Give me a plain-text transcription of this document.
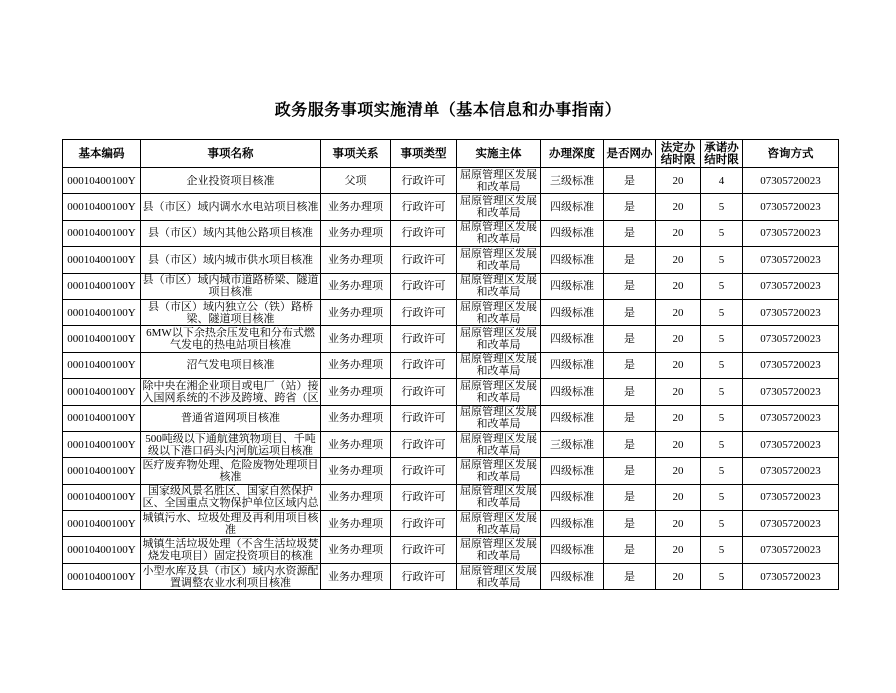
政务服务事项实施清单（基本信息和办事指南）
基本编码	事项名称	事项关系	事项类型	实施主体	办理深度	是否网办	法定办结时限	承诺办结时限	咨询方式

00010400100Y	企业投资项目核准	父项	行政许可	屈原管理区发展和改革局	三级标准	是	20	4	07305720023

00010400100Y	县（市区）域内调水水电站项目核准	业务办理项	行政许可	屈原管理区发展和改革局	四级标准	是	20	5	07305720023

00010400100Y	县（市区）域内其他公路项目核准	业务办理项	行政许可	屈原管理区发展和改革局	四级标准	是	20	5	07305720023

00010400100Y	县（市区）域内城市供水项目核准	业务办理项	行政许可	屈原管理区发展和改革局	四级标准	是	20	5	07305720023

00010400100Y	县（市区）域内城市道路桥梁、隧道项目核准	业务办理项	行政许可	屈原管理区发展和改革局	四级标准	是	20	5	07305720023

00010400100Y	县（市区）域内独立公（铁）路桥梁、隧道项目核准	业务办理项	行政许可	屈原管理区发展和改革局	四级标准	是	20	5	07305720023

00010400100Y	6MW以下余热余压发电和分布式燃气发电的热电站项目核准	业务办理项	行政许可	屈原管理区发展和改革局	四级标准	是	20	5	07305720023

00010400100Y	沼气发电项目核准	业务办理项	行政许可	屈原管理区发展和改革局	四级标准	是	20	5	07305720023

00010400100Y	除中央在湘企业项目或电厂（站）接入国网系统的不涉及跨境、跨省（区	业务办理项	行政许可	屈原管理区发展和改革局	四级标准	是	20	5	07305720023

00010400100Y	普通省道网项目核准	业务办理项	行政许可	屈原管理区发展和改革局	四级标准	是	20	5	07305720023

00010400100Y	500吨级以下通航建筑物项目、千吨级以下港口码头内河航运项目核准	业务办理项	行政许可	屈原管理区发展和改革局	三级标准	是	20	5	07305720023

00010400100Y	医疗废弃物处理、危险废物处理项目核准	业务办理项	行政许可	屈原管理区发展和改革局	四级标准	是	20	5	07305720023

00010400100Y	国家级风景名胜区、国家自然保护区、全国重点文物保护单位区域内总	业务办理项	行政许可	屈原管理区发展和改革局	四级标准	是	20	5	07305720023

00010400100Y	城镇污水、垃圾处理及再利用项目核准	业务办理项	行政许可	屈原管理区发展和改革局	四级标准	是	20	5	07305720023

00010400100Y	城镇生活垃圾处理（不含生活垃圾焚烧发电项目）固定投资项目的核准	业务办理项	行政许可	屈原管理区发展和改革局	四级标准	是	20	5	07305720023

00010400100Y	小型水库及县（市区）域内水资源配置调整农业水利项目核准	业务办理项	行政许可	屈原管理区发展和改革局	四级标准	是	20	5	07305720023
